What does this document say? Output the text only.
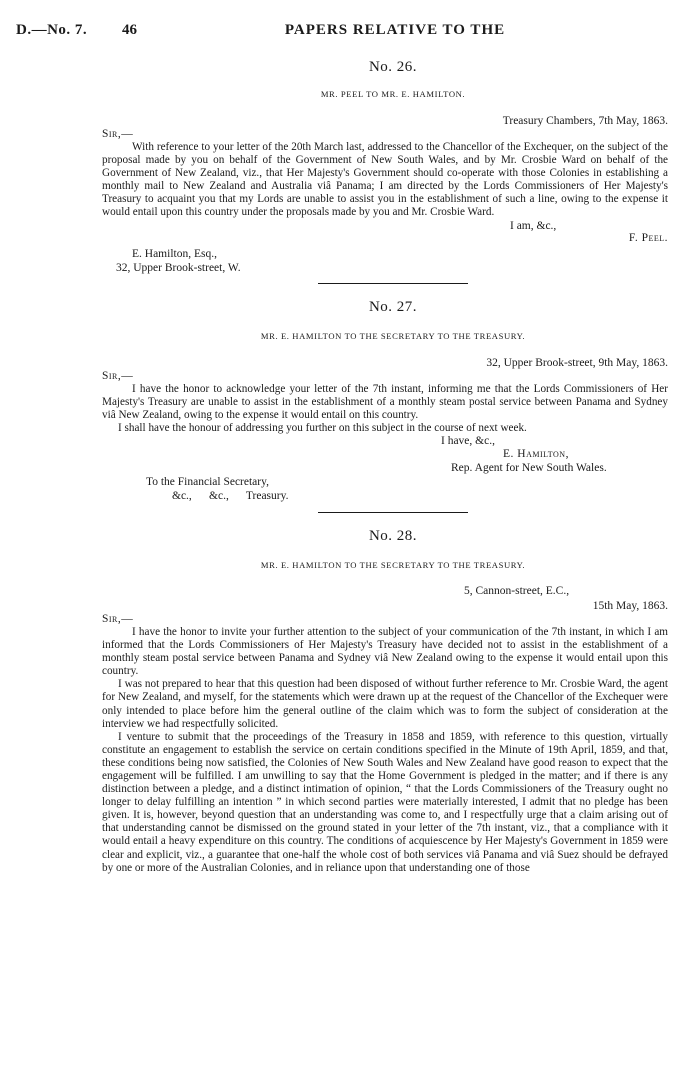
D.—No. 7. 46	PAPERS RELATIVE TO THE

No. 26.

MR. PEEL TO MR. E. HAMILTON.

Treasury Chambers, 7th May, 1863.

Sir,—

With reference to your letter of the 20th March last, addressed to the Chancellor of the Exchequer, on the subject of the proposal made by you on behalf of the Government of New South Wales, and by Mr. Crosbie Ward on behalf of the Government of New Zealand, viz., that Her Majesty's Government should co-operate with those Colonies in establishing a monthly mail to New Zealand and Australia viâ Panama; I am directed by the Lords Commissioners of Her Majesty's Treasury to acquaint you that my Lords are unable to assist you in the establishment of such a line, owing to the expense it would entail upon this country under the proposals made by you and Mr. Crosbie Ward.

I am, &c.,

F. Peel.

E. Hamilton, Esq.,

32, Upper Brook-street, W.

No. 27.

MR. E. HAMILTON TO THE SECRETARY TO THE TREASURY.

32, Upper Brook-street, 9th May, 1863.

Sir,—

I have the honor to acknowledge your letter of the 7th instant, informing me that the Lords Commissioners of Her Majesty's Treasury are unable to assist in the establishment of a monthly steam postal service between Panama and Sydney viâ New Zealand, owing to the expense it would entail on this country.

I shall have the honour of addressing you further on this subject in the course of next week.

I have, &c.,

E. Hamilton,

Rep. Agent for New South Wales.

To the Financial Secretary,

&c.,      &c.,      Treasury.

No. 28.

MR. E. HAMILTON TO THE SECRETARY TO THE TREASURY.

5, Cannon-street, E.C.,

15th May, 1863.

Sir,—

I have the honor to invite your further attention to the subject of your communication of the 7th instant, in which I am informed that the Lords Commissioners of Her Majesty's Treasury have decided not to assist in the establishment of a monthly steam postal service between Panama and Sydney viâ New Zealand owing to the expense it would entail upon this country.

I was not prepared to hear that this question had been disposed of without further reference to Mr. Crosbie Ward, the agent for New Zealand, and myself, for the statements which were drawn up at the request of the Chancellor of the Exchequer were only intended to place before him the general outline of the claim which was to form the subject of consideration at the interview we had respectfully solicited.

I venture to submit that the proceedings of the Treasury in 1858 and 1859, with reference to this question, virtually constitute an engagement to establish the service on certain conditions specified in the Minute of 19th April, 1859, and that, these conditions being now satisfied, the Colonies of New South Wales and New Zealand have good reason to expect that the engagement will be fulfilled. I am unwilling to say that the Home Government is pledged in the matter; and if there is any distinction between a pledge, and a distinct intimation of opinion, “ that the Lords Commissioners of the Treasury ought no longer to delay fulfilling an intention ” in which second parties were materially interested, I admit that no pledge has been given. It is, however, beyond question that an understanding was come to, and I respectfully urge that a claim arising out of that understanding cannot be dismissed on the ground stated in your letter of the 7th instant, viz., that a compliance with it would entail a heavy expenditure on this country. The conditions of acquiescence by Her Majesty's Government in 1859 were clear and explicit, viz., a guarantee that one-half the whole cost of both services viâ Panama and viâ Suez should be defrayed by one or more of the Australian Colonies, and in reliance upon that understanding one of those
